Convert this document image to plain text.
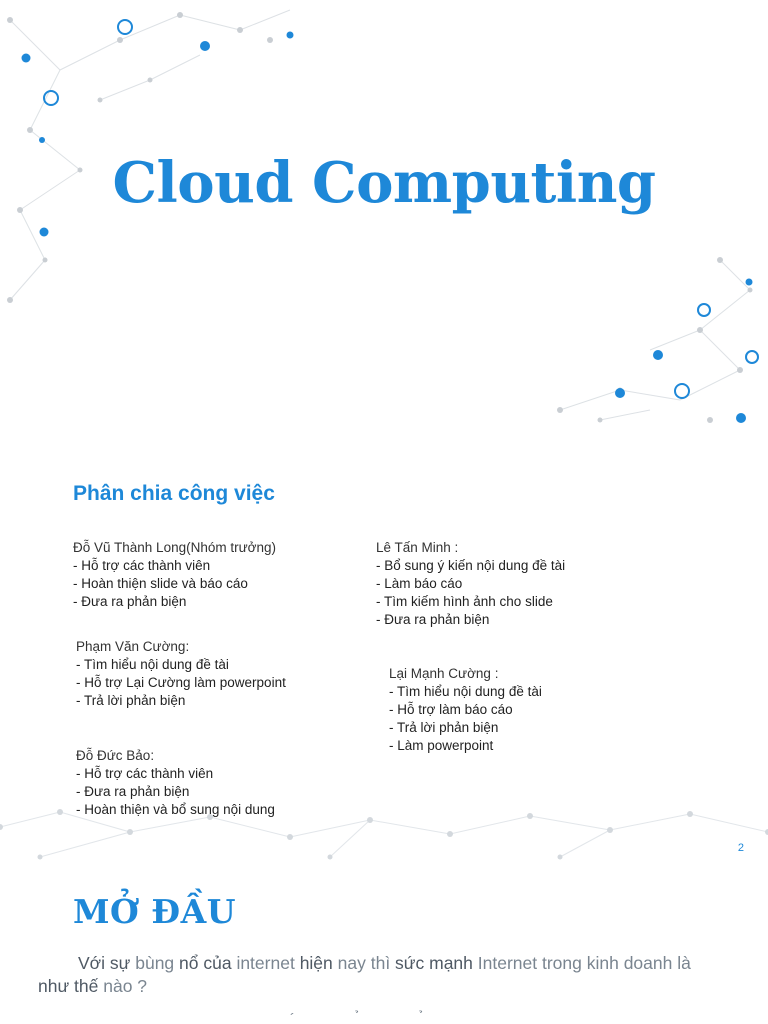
Cloud Computing
Phân chia công việc
Đỗ Vũ Thành Long(Nhóm trưởng)
- Hỗ trợ các thành viên
- Hoàn thiện slide và báo cáo
- Đưa ra phản biện
Lê Tấn Minh :
- Bổ sung ý kiến nội dung đề tài
- Làm báo cáo
- Tìm kiếm hình ảnh cho slide
- Đưa ra phản biện
Phạm Văn Cường:
- Tìm hiểu nội dung đề tài
- Hỗ trợ Lại Cường làm powerpoint
- Trả lời phản biện
Lại Mạnh Cường :
- Tìm hiểu nội dung đề tài
- Hỗ trợ làm báo cáo
- Trả lời phản biện
- Làm powerpoint
Đỗ Đức Bảo:
- Hỗ trợ các thành viên
- Đưa ra phản biện
- Hoàn thiện và bổ sung nội dung
2
MỞ ĐẦU

Với sự bùng nổ của internet hiện nay thì sức mạnh Internet trong kinh doanh là như thế nào ?

´ ̉ ̉
